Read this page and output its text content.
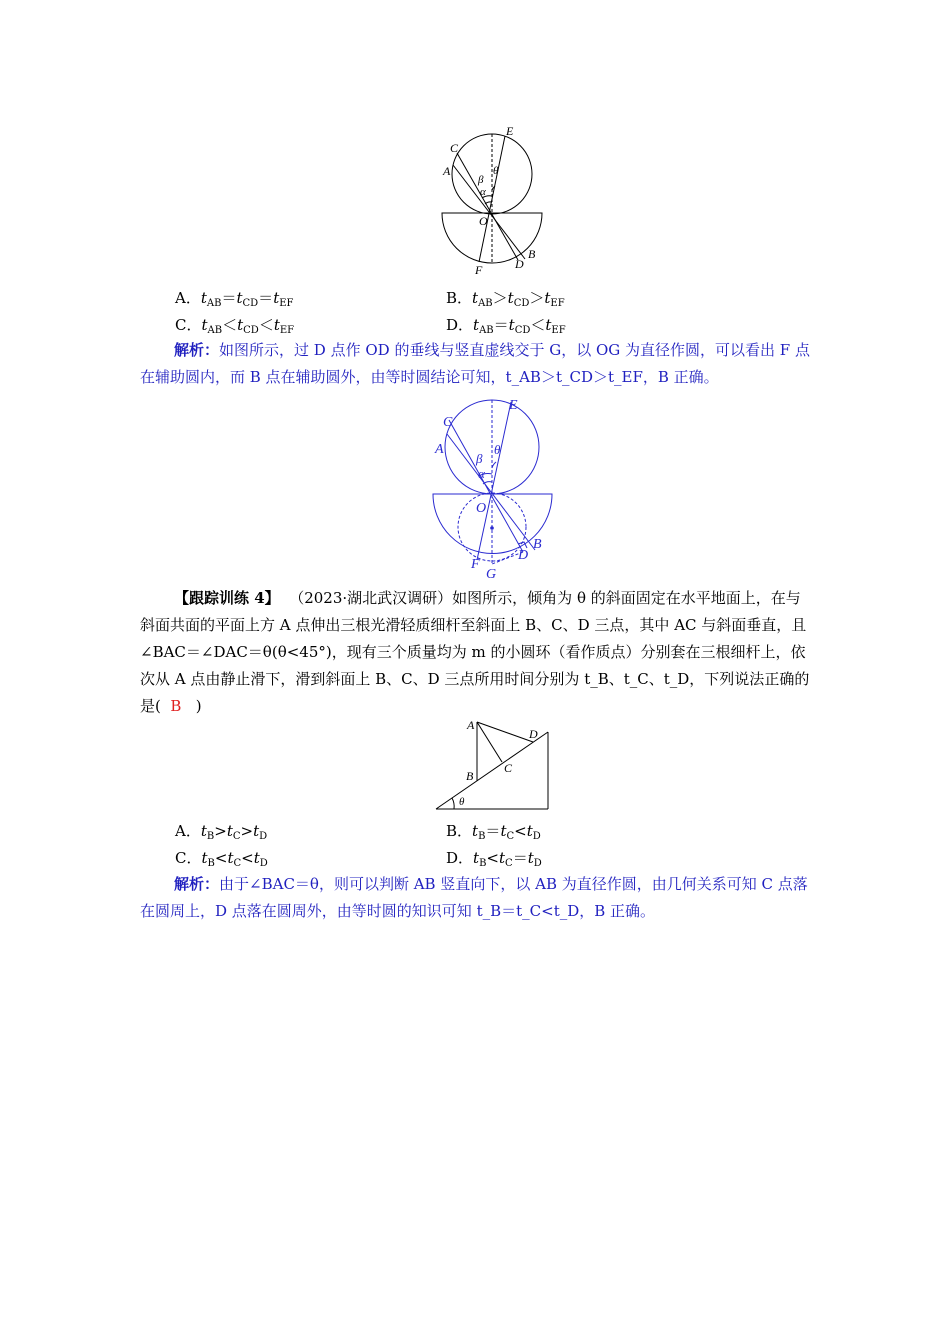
C
E
A	θ
β
α
O
B
D
F
A．$t_{AB}=t_{CD}=t_{EF}$	B．$t_{AB}>t_{CD}>t_{EF}$
C．$t_{AB}<t_{CD}<t_{EF}$	D．$t_{AB}=t_{CD}<t_{EF}$
解析：如图所示，过 D 点作 OD 的垂线与竖直虚线交于 G，以 OG 为直径作圆，可以看出 F 点在辅助圆内，而 B 点在辅助圆外，由等时圆结论可知，t_AB＞t_CD＞t_EF，B 正确。
C
E
A	θ
β
α
O
B
D
F
G
【跟踪训练 4】 （2023·湖北武汉调研）如图所示，倾角为 θ 的斜面固定在水平地面上，在与斜面共面的平面上方 A 点伸出三根光滑轻质细杆至斜面上 B、C、D 三点，其中 AC 与斜面垂直，且∠BAC＝∠DAC＝θ(θ<45°)，现有三个质量均为 m 的小圆环（看作质点）分别套在三根细杆上，依次从 A 点由静止滑下，滑到斜面上 B、C、D 三点所用时间分别为 t_B、t_C、t_D，下列说法正确的是( B )
A
D
C
B
θ
A．$t_B>t_C>t_D$	B．$t_B=t_C<t_D$
C．$t_B<t_C<t_D$	D．$t_B<t_C=t_D$
解析：由于∠BAC＝θ，则可以判断 AB 竖直向下，以 AB 为直径作圆，由几何关系可知 C 点落在圆周上，D 点落在圆周外，由等时圆的知识可知 t_B＝t_C<t_D，B 正确。
